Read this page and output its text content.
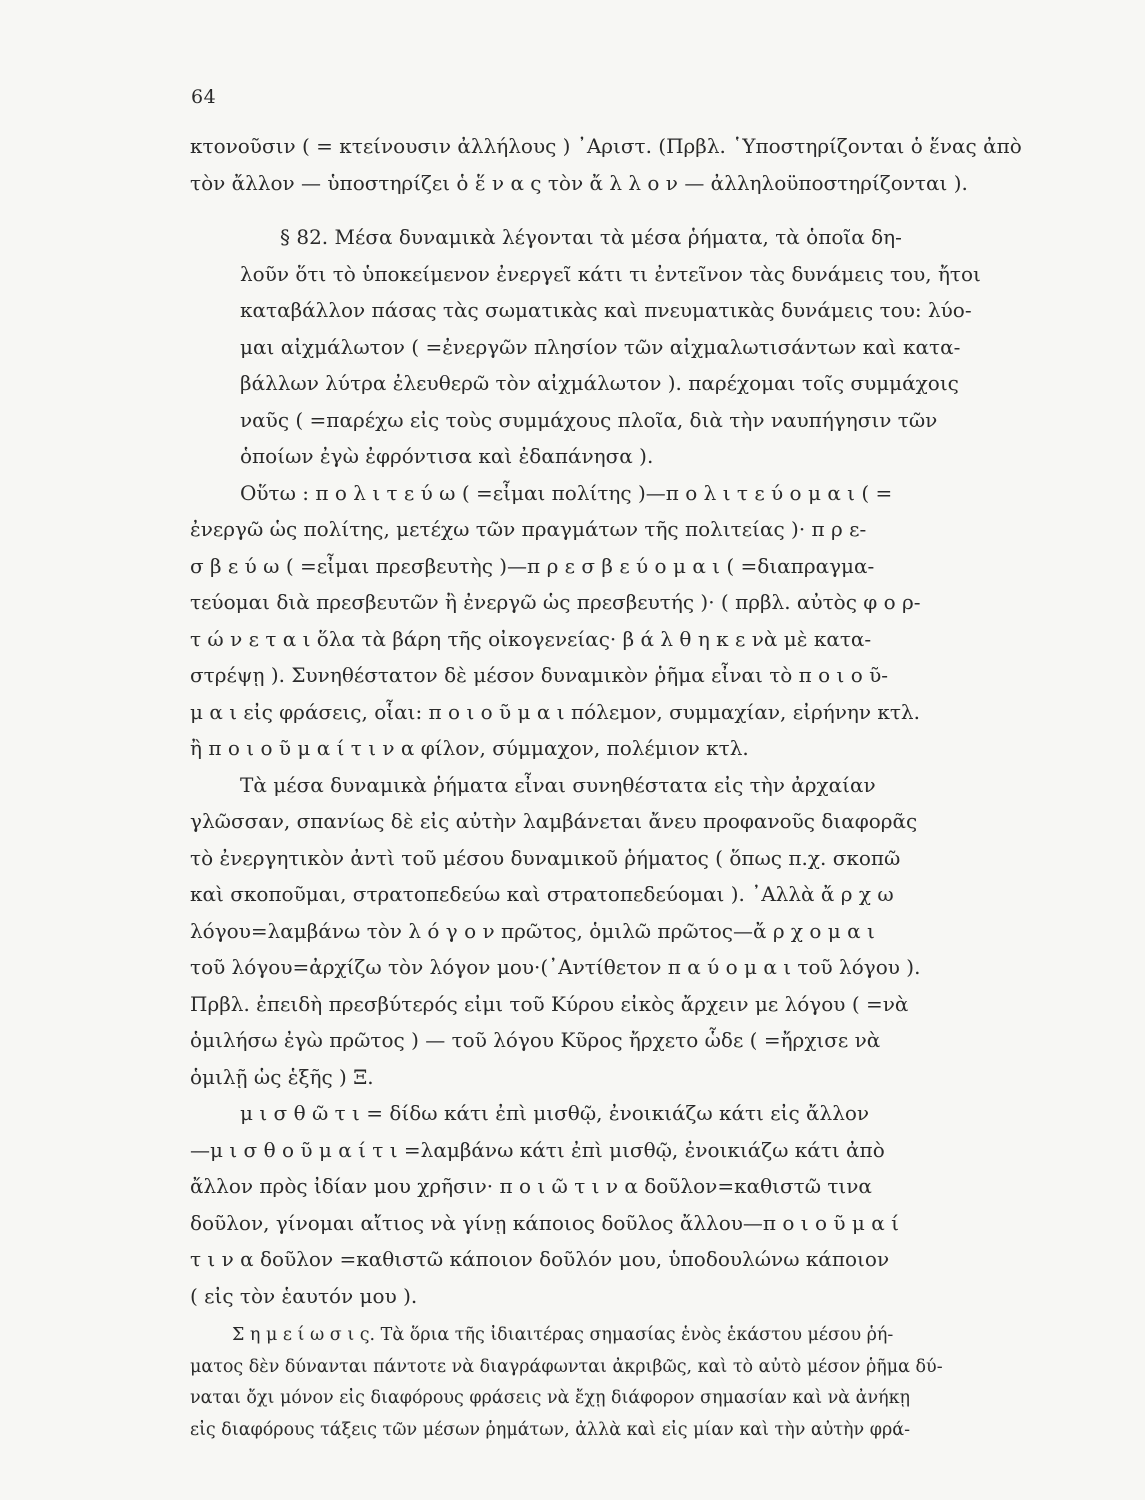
64
κτονοῦσιν ( = κτείνουσιν ἀλλήλους ) ᾿Αριστ. (Πρβλ. ῾Υποστηρίζονται ὁ ἕνας ἀπὸ
τὸν ἄλλον — ὑποστηρίζει ὁ ἕ ν α ς τὸν ἄ λ λ ο ν — ἀλληλοϋποστηρίζονται ).
§ 82. Μέσα δυναμικὰ λέγονται τὰ μέσα ῥήματα, τὰ ὁποῖα δη-
λοῦν ὅτι τὸ ὑποκείμενον ἐνεργεῖ κάτι τι ἐντεῖνον τὰς δυνάμεις του, ἤτοι
καταβάλλον πάσας τὰς σωματικὰς καὶ πνευματικὰς δυνάμεις του: λύο-
μαι αἰχμάλωτον ( =ἐνεργῶν πλησίον τῶν αἰχμαλωτισάντων καὶ κατα-
βάλλων λύτρα ἐλευθερῶ τὸν αἰχμάλωτον ). παρέχομαι τοῖς συμμάχοις
ναῦς ( =παρέχω εἰς τοὺς συμμάχους πλοῖα, διὰ τὴν ναυπήγησιν τῶν
ὁποίων ἐγὼ ἐφρόντισα καὶ ἐδαπάνησα ).
Οὕτω : π ο λ ι τ ε ύ ω ( =εἶμαι πολίτης )—π ο λ ι τ ε ύ ο μ α ι ( =
ἐνεργῶ ὡς πολίτης, μετέχω τῶν πραγμάτων τῆς πολιτείας )· π ρ ε-
σ β ε ύ ω ( =εἶμαι πρεσβευτὴς )—π ρ ε σ β ε ύ ο μ α ι ( =διαπραγμα-
τεύομαι διὰ πρεσβευτῶν ἢ ἐνεργῶ ὡς πρεσβευτής )· ( πρβλ. αὐτὸς φ ο ρ-
τ ώ ν ε τ α ι ὅλα τὰ βάρη τῆς οἰκογενείας· β ά λ θ η κ ε νὰ μὲ κατα-
στρέψῃ ). Συνηθέστατον δὲ μέσον δυναμικὸν ῥῆμα εἶναι τὸ π ο ι ο ῦ-
μ α ι εἰς φράσεις, οἷαι: π ο ι ο ῦ μ α ι πόλεμον, συμμαχίαν, εἰρήνην κτλ.
ἢ π ο ι ο ῦ μ α ί τ ι ν α φίλον, σύμμαχον, πολέμιον κτλ.
Τὰ μέσα δυναμικὰ ῥήματα εἶναι συνηθέστατα εἰς τὴν ἀρχαίαν
γλῶσσαν, σπανίως δὲ εἰς αὐτὴν λαμβάνεται ἄνευ προφανοῦς διαφορᾶς
τὸ ἐνεργητικὸν ἀντὶ τοῦ μέσου δυναμικοῦ ῥήματος ( ὅπως π.χ. σκοπῶ
καὶ σκοποῦμαι, στρατοπεδεύω καὶ στρατοπεδεύομαι ). ᾿Αλλὰ ἄ ρ χ ω
λόγου=λαμβάνω τὸν λ ό γ ο ν πρῶτος, ὁμιλῶ πρῶτος—ἄ ρ χ ο μ α ι
τοῦ λόγου=ἀρχίζω τὸν λόγον μου·(᾿Αντίθετον π α ύ ο μ α ι τοῦ λόγου ).
Πρβλ. ἐπειδὴ πρεσβύτερός εἰμι τοῦ Κύρου εἰκὸς ἄρχειν με λόγου ( =νὰ
ὁμιλήσω ἐγὼ πρῶτος ) — τοῦ λόγου Κῦρος ἤρχετο ὧδε ( =ἤρχισε νὰ
ὁμιλῇ ὡς ἑξῆς ) Ξ.
μ ι σ θ ῶ τ ι = δίδω κάτι ἐπὶ μισθῷ, ἐνοικιάζω κάτι εἰς ἄλλον
—μ ι σ θ ο ῦ μ α ί τ ι =λαμβάνω κάτι ἐπὶ μισθῷ, ἐνοικιάζω κάτι ἀπὸ
ἄλλον πρὸς ἰδίαν μου χρῆσιν· π ο ι ῶ τ ι ν α δοῦλον=καθιστῶ τινα
δοῦλον, γίνομαι αἴτιος νὰ γίνῃ κάποιος δοῦλος ἄλλου—π ο ι ο ῦ μ α ί
τ ι ν α δοῦλον =καθιστῶ κάποιον δοῦλόν μου, ὑποδουλώνω κάποιον
( εἰς τὸν ἑαυτόν μου ).
Σ η μ ε ί ω σ ι ς. Τὰ ὅρια τῆς ἰδιαιτέρας σημασίας ἑνὸς ἑκάστου μέσου ῥή-
ματος δὲν δύνανται πάντοτε νὰ διαγράφωνται ἀκριβῶς, καὶ τὸ αὐτὸ μέσον ῥῆμα δύ-
ναται ὄχι μόνον εἰς διαφόρους φράσεις νὰ ἔχῃ διάφορον σημασίαν καὶ νὰ ἀνήκῃ
εἰς διαφόρους τάξεις τῶν μέσων ῥημάτων, ἀλλὰ καὶ εἰς μίαν καὶ τὴν αὐτὴν φρά-
